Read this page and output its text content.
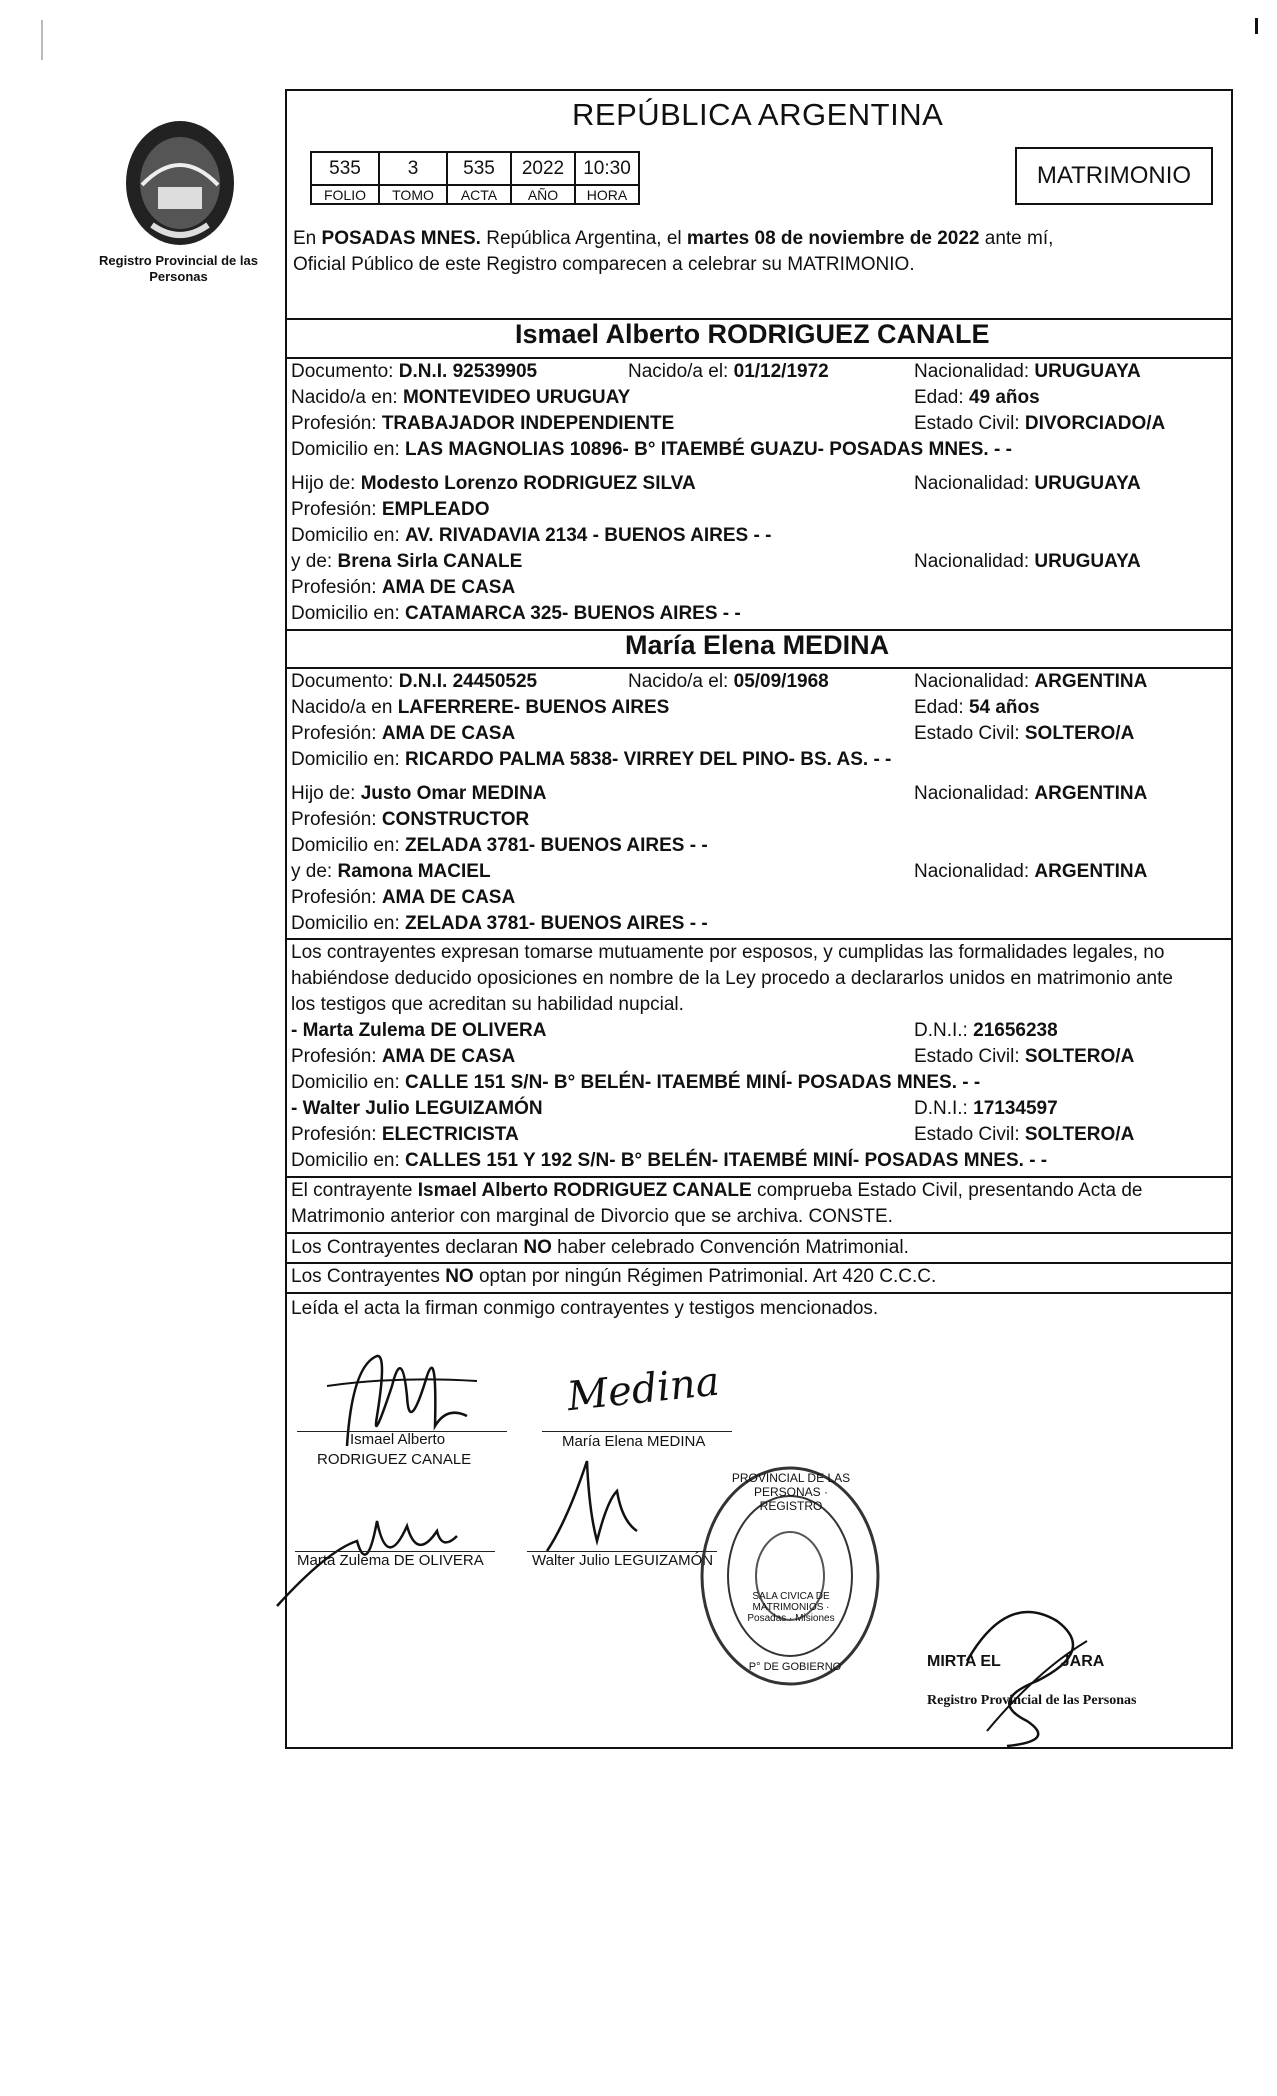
Registro Provincial de las Personas
REPÚBLICA ARGENTINA
MATRIMONIO
535	3	535	2022	10:30
FOLIO	TOMO	ACTA	AÑO	HORA
En POSADAS MNES. República Argentina, el martes 08 de noviembre de 2022 ante mí,
Oficial Público de este Registro comparecen a celebrar su MATRIMONIO.
Ismael Alberto RODRIGUEZ CANALE
Documento: D.N.I. 92539905	Nacido/a el: 01/12/1972	Nacionalidad: URUGUAYA
Nacido/a en: MONTEVIDEO URUGUAY	Edad: 49 años
Profesión: TRABAJADOR INDEPENDIENTE	Estado Civil: DIVORCIADO/A
Domicilio en: LAS MAGNOLIAS 10896- B° ITAEMBÉ GUAZU- POSADAS MNES. - -
Hijo de: Modesto Lorenzo RODRIGUEZ SILVA	Nacionalidad: URUGUAYA
Profesión: EMPLEADO
Domicilio en: AV. RIVADAVIA 2134 - BUENOS AIRES - -
y de: Brena Sirla CANALE	Nacionalidad: URUGUAYA
Profesión: AMA DE CASA
Domicilio en: CATAMARCA 325- BUENOS AIRES - -
María Elena MEDINA
Documento: D.N.I. 24450525	Nacido/a el: 05/09/1968	Nacionalidad: ARGENTINA
Nacido/a en LAFERRERE- BUENOS AIRES	Edad: 54 años
Profesión: AMA DE CASA	Estado Civil: SOLTERO/A
Domicilio en: RICARDO PALMA 5838- VIRREY DEL PINO- BS. AS. - -
Hijo de: Justo Omar MEDINA	Nacionalidad: ARGENTINA
Profesión: CONSTRUCTOR
Domicilio en: ZELADA 3781- BUENOS AIRES - -
y de: Ramona MACIEL	Nacionalidad: ARGENTINA
Profesión: AMA DE CASA
Domicilio en: ZELADA 3781- BUENOS AIRES - -
Los contrayentes expresan tomarse mutuamente por esposos, y cumplidas las formalidades legales, no
habiéndose deducido oposiciones en nombre de la Ley procedo a declararlos unidos en matrimonio ante
los testigos que acreditan su habilidad nupcial.
- Marta Zulema DE OLIVERA	D.N.I.: 21656238
Profesión: AMA DE CASA	Estado Civil: SOLTERO/A
Domicilio en: CALLE 151 S/N- B° BELÉN- ITAEMBÉ MINÍ- POSADAS MNES. - -
- Walter Julio LEGUIZAMÓN	D.N.I.: 17134597
Profesión: ELECTRICISTA	Estado Civil: SOLTERO/A
Domicilio en: CALLES 151 Y 192 S/N- B° BELÉN- ITAEMBÉ MINÍ- POSADAS MNES. - -
El contrayente Ismael Alberto RODRIGUEZ CANALE comprueba Estado Civil, presentando Acta de
Matrimonio anterior con marginal de Divorcio que se archiva. CONSTE.
Los Contrayentes declaran NO haber celebrado Convención Matrimonial.
Los Contrayentes NO optan por ningún Régimen Patrimonial. Art 420 C.C.C.
Leída el acta la firman conmigo contrayentes y testigos mencionados.
Ismael Alberto
RODRIGUEZ CANALE
Medina
María Elena MEDINA
Marta Zulema DE OLIVERA	Walter Julio LEGUIZAMÓN
PROVINCIAL DE LAS PERSONAS · REGISTRO
SALA CIVICA DE MATRIMONIOS · Posadas · Misiones
P° DE GOBIERNO	MIRTA EL	JARA
Registro Provincial de las Personas
